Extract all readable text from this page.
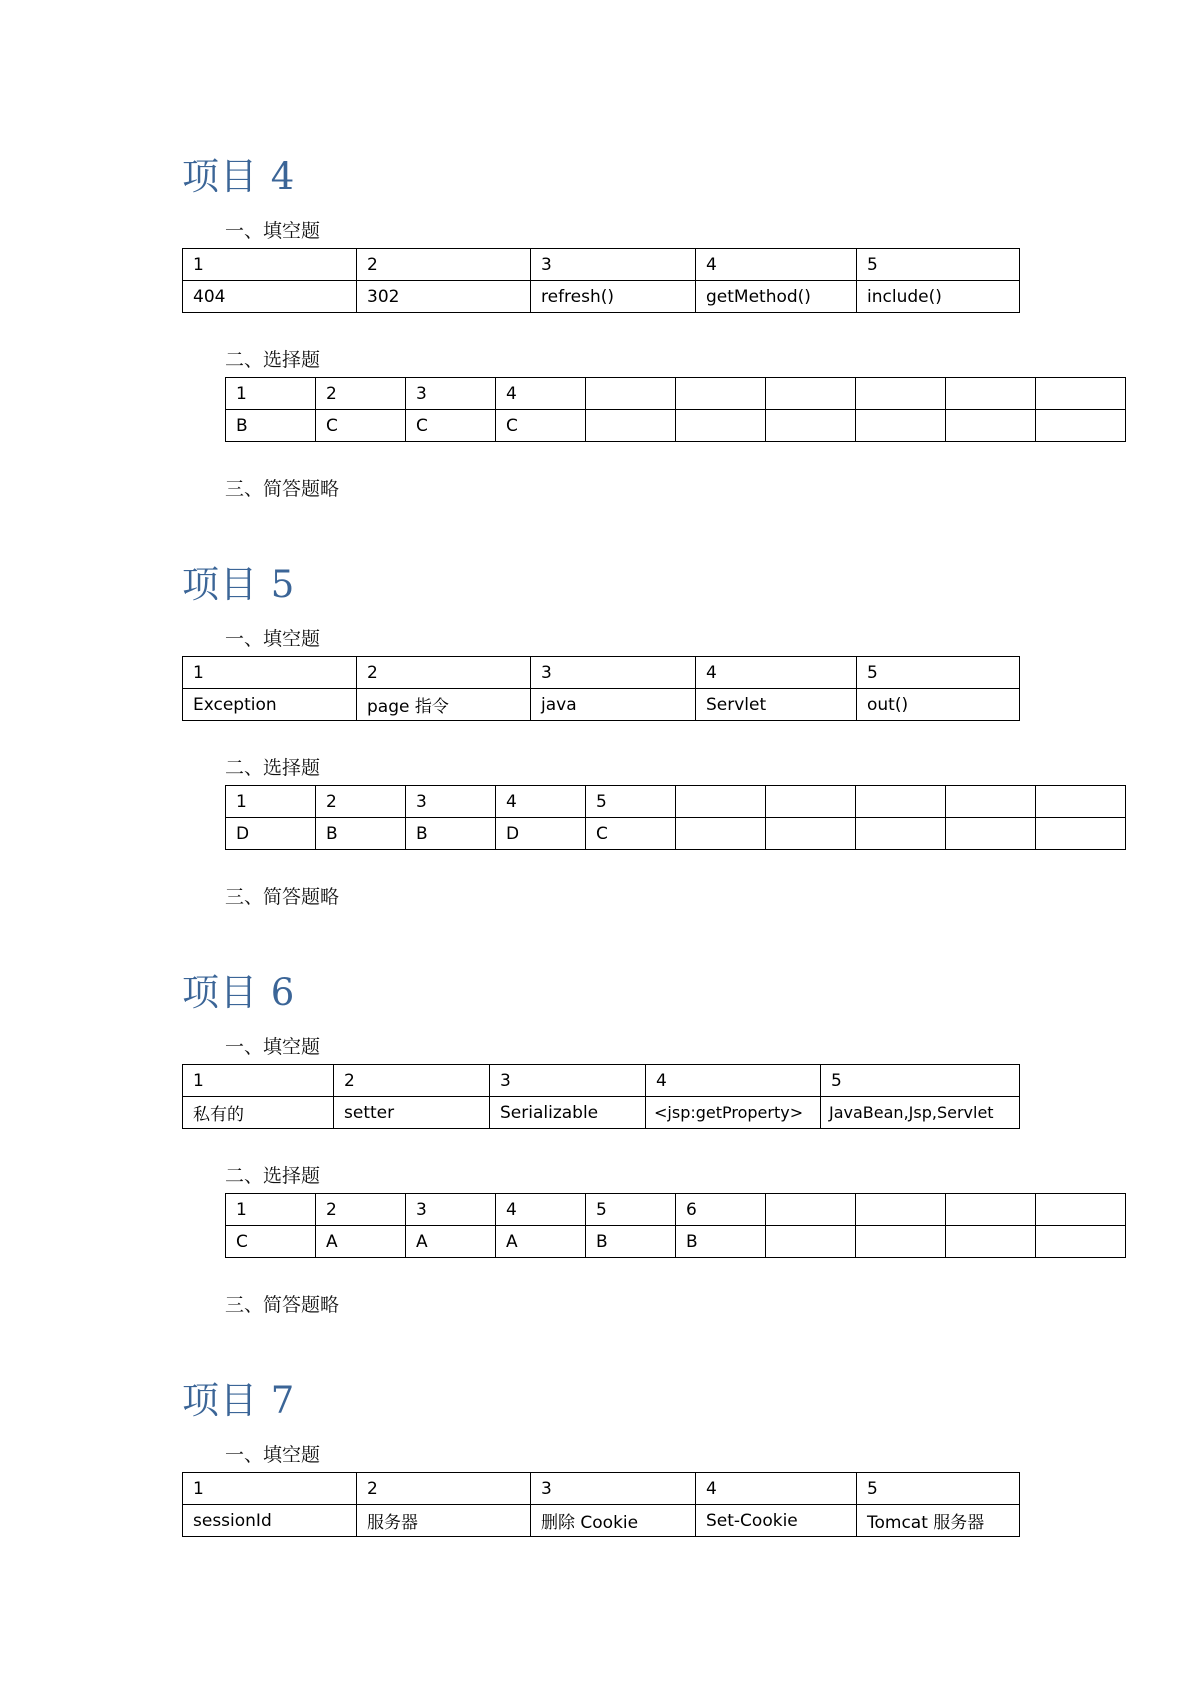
项目 4
一、填空题
1	2	3	4	5
404	302	refresh()	getMethod()	include()
二、选择题
1	2	3	4						
B	C	C	C						
三、简答题略
项目 5
一、填空题
1	2	3	4	5
Exception	page 指令	java	Servlet	out()
二、选择题
1	2	3	4	5					
D	B	B	D	C					
三、简答题略
项目 6
一、填空题
1	2	3	4	5
私有的	setter	Serializable	<jsp:getProperty>	JavaBean,Jsp,Servlet
二、选择题
1	2	3	4	5	6				
C	A	A	A	B	B				
三、简答题略
项目 7
一、填空题
1	2	3	4	5
sessionId	服务器	删除 Cookie	Set-Cookie	Tomcat 服务器
